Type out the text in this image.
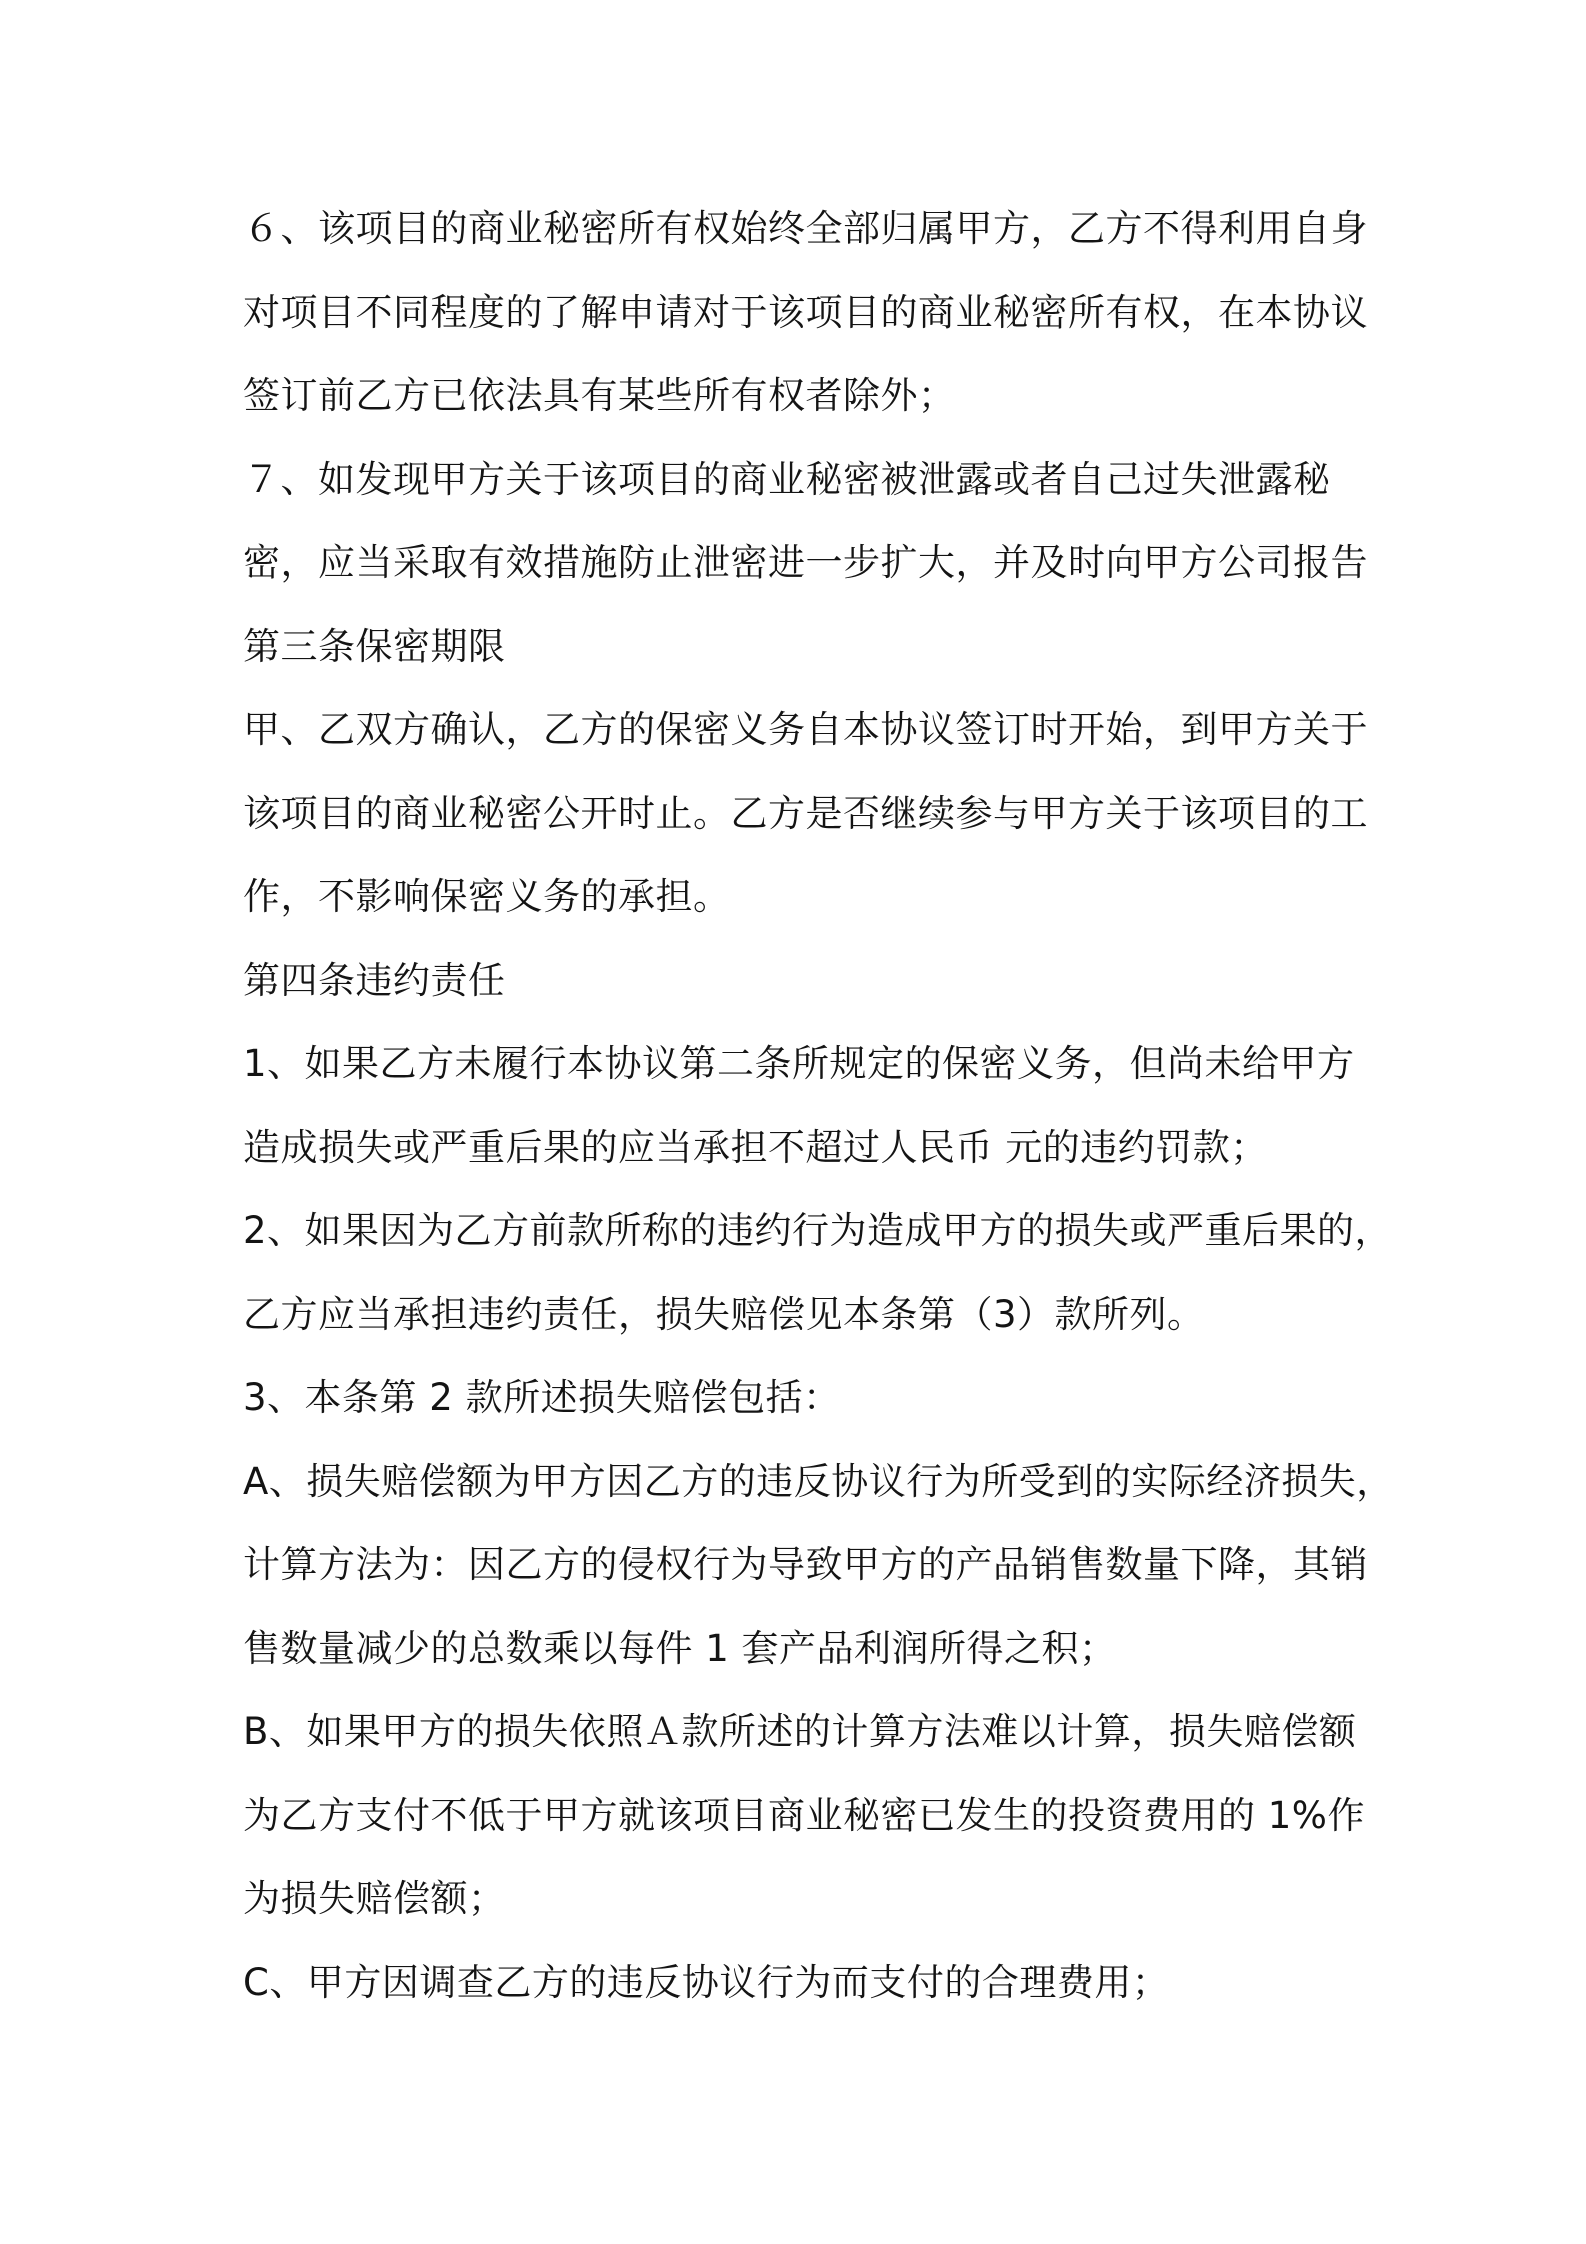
６、该项目的商业秘密所有权始终全部归属甲方，乙方不得利用自身
对项目不同程度的了解申请对于该项目的商业秘密所有权，在本协议
签订前乙方已依法具有某些所有权者除外；
７、如发现甲方关于该项目的商业秘密被泄露或者自己过失泄露秘
密，应当采取有效措施防止泄密进一步扩大，并及时向甲方公司报告
第三条保密期限
甲、乙双方确认，乙方的保密义务自本协议签订时开始，到甲方关于
该项目的商业秘密公开时止。乙方是否继续参与甲方关于该项目的工
作，不影响保密义务的承担。
第四条违约责任
1、如果乙方未履行本协议第二条所规定的保密义务，但尚未给甲方
造成损失或严重后果的应当承担不超过人民币 元的违约罚款；
2、如果因为乙方前款所称的违约行为造成甲方的损失或严重后果的，
乙方应当承担违约责任，损失赔偿见本条第（3）款所列。
3、本条第 2 款所述损失赔偿包括：
A、损失赔偿额为甲方因乙方的违反协议行为所受到的实际经济损失，
计算方法为：因乙方的侵权行为导致甲方的产品销售数量下降，其销
售数量减少的总数乘以每件 1 套产品利润所得之积；
B、如果甲方的损失依照Ａ款所述的计算方法难以计算，损失赔偿额
为乙方支付不低于甲方就该项目商业秘密已发生的投资费用的 1%作
为损失赔偿额；
C、甲方因调查乙方的违反协议行为而支付的合理费用；
